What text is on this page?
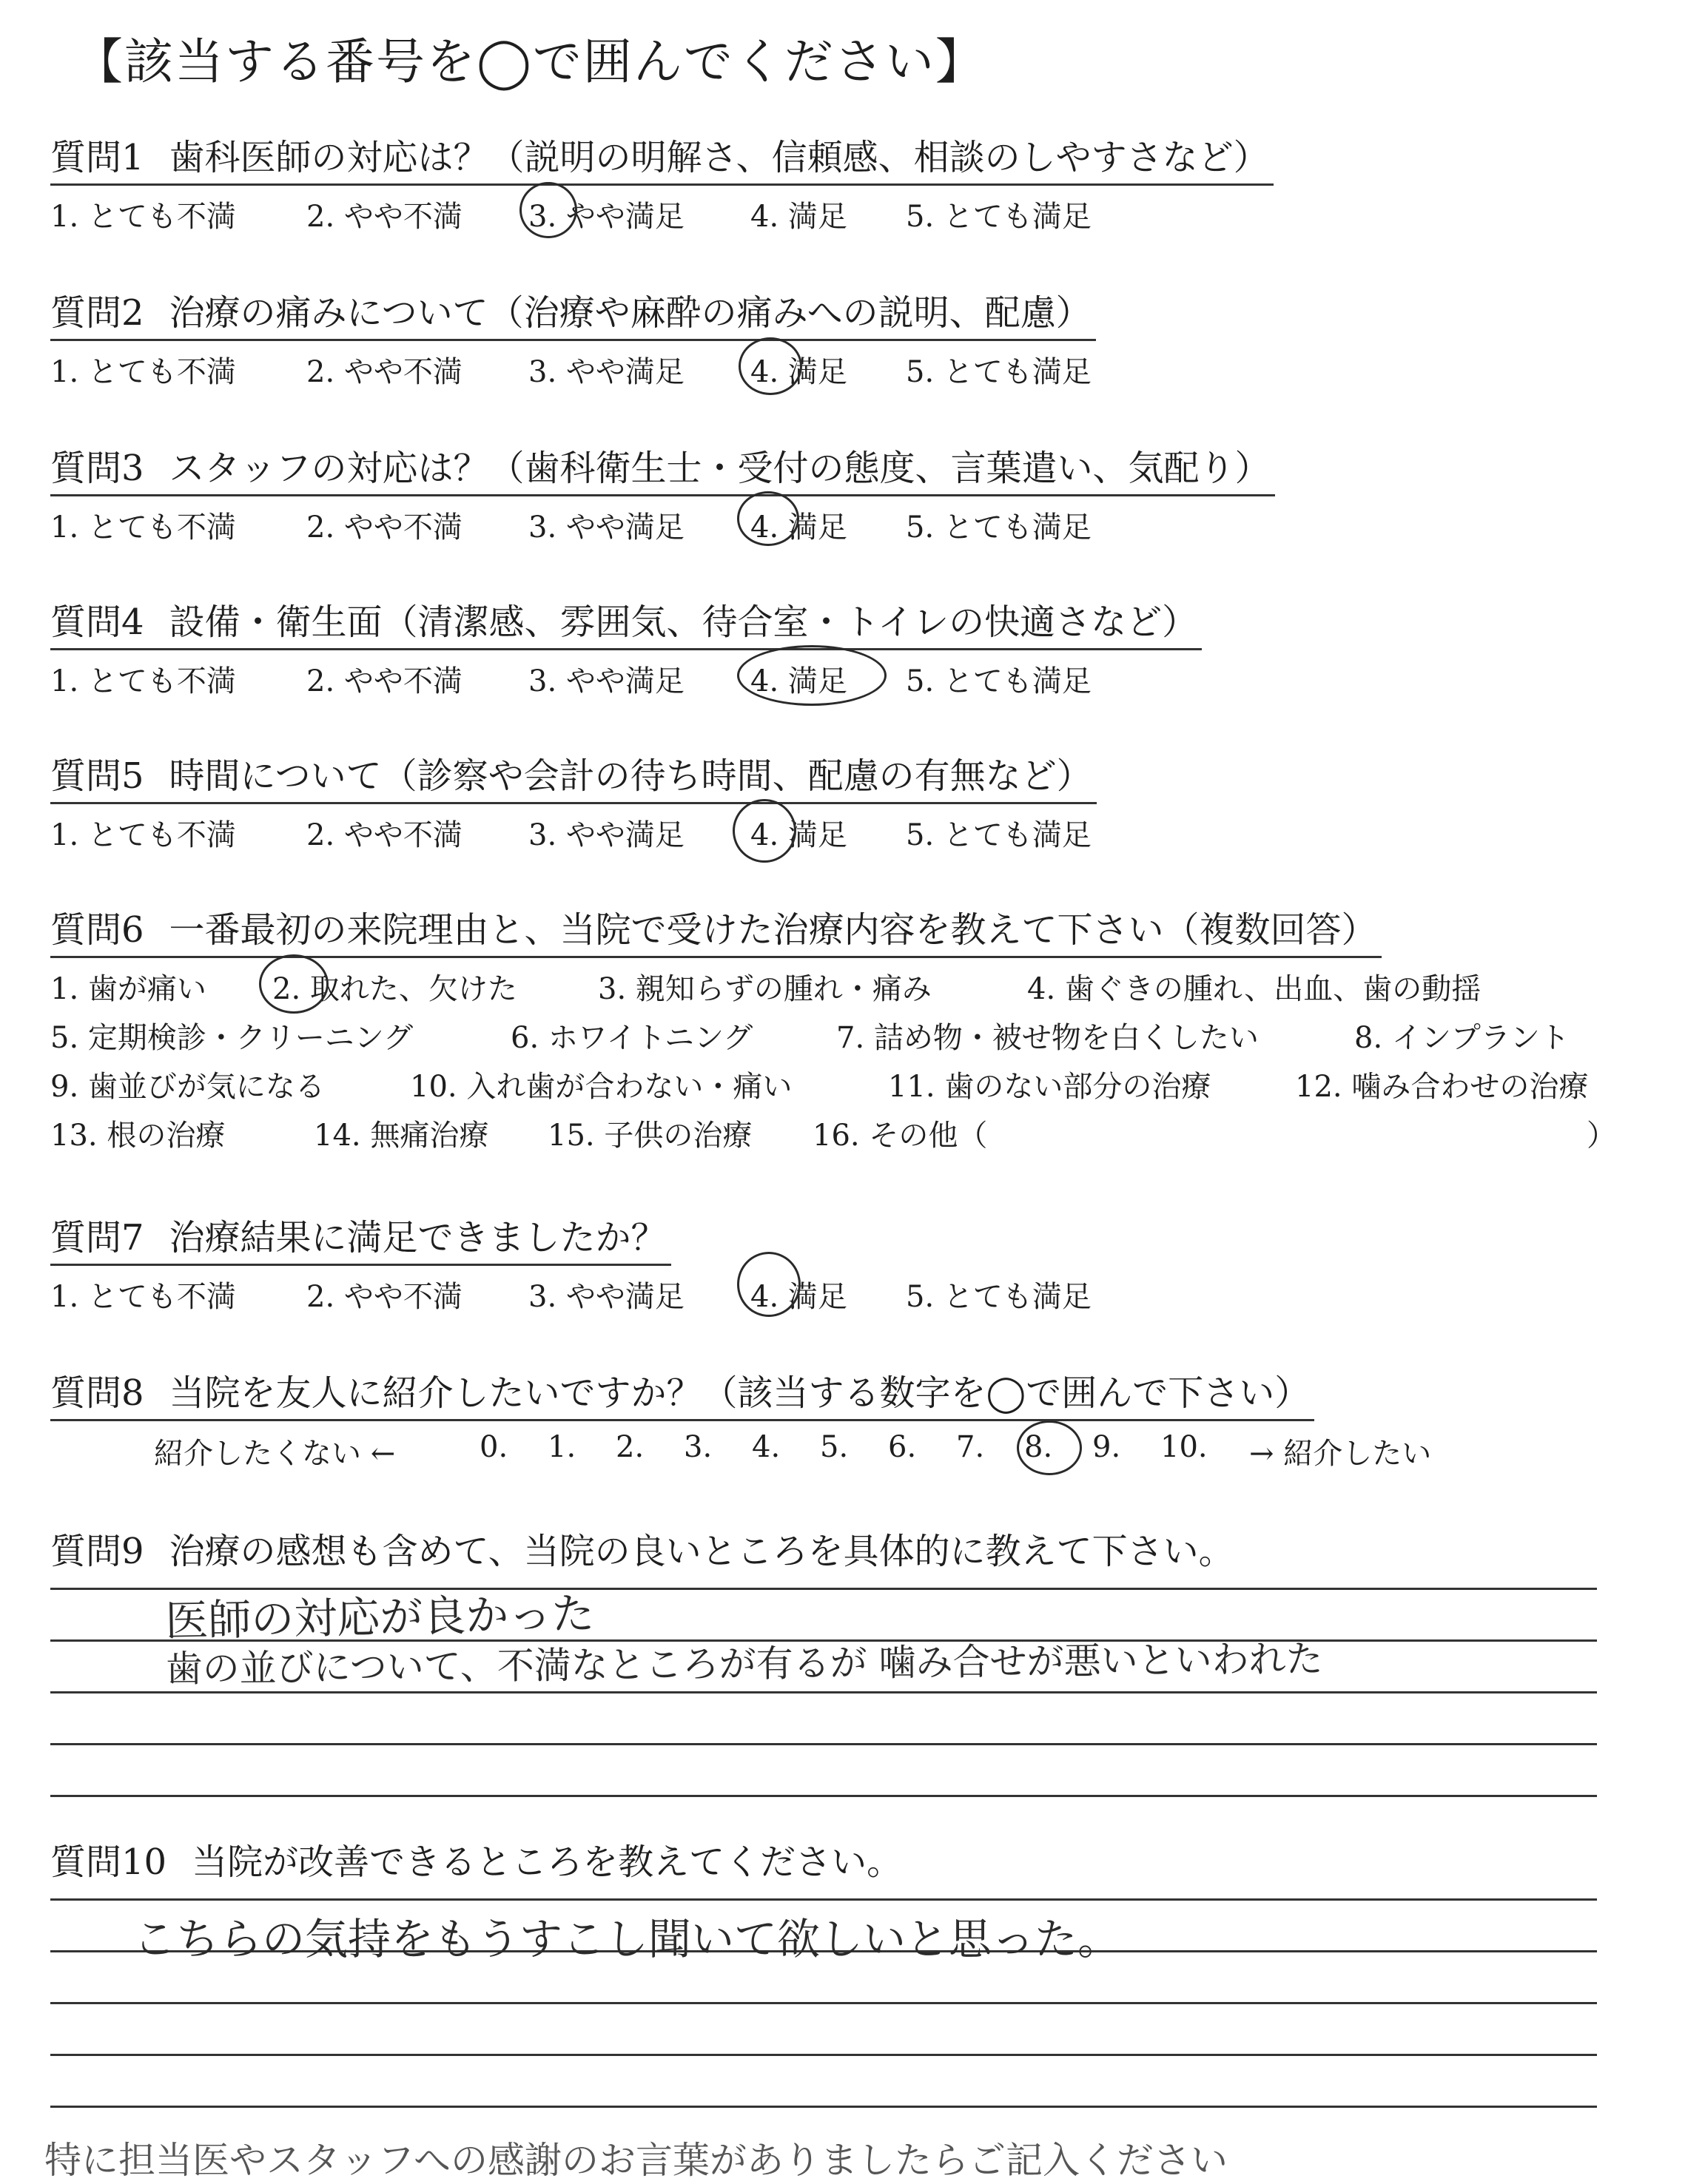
【該当する番号を◯で囲んでください】
質問1 歯科医師の対応は？（説明の明解さ、信頼感、相談のしやすさなど）
1. とても不満 2. やや不満 3. やや満足 4. 満足 5. とても満足
質問2 治療の痛みについて（治療や麻酔の痛みへの説明、配慮）
1. とても不満 2. やや不満 3. やや満足 4. 満足 5. とても満足
質問3 スタッフの対応は？（歯科衛生士・受付の態度、言葉遣い、気配り）
1. とても不満 2. やや不満 3. やや満足 4. 満足 5. とても満足
質問4 設備・衛生面（清潔感、雰囲気、待合室・トイレの快適さなど）
1. とても不満 2. やや不満 3. やや満足 4. 満足 5. とても満足
質問5 時間について（診察や会計の待ち時間、配慮の有無など）
1. とても不満 2. やや不満 3. やや満足 4. 満足 5. とても満足
質問6 一番最初の来院理由と、当院で受けた治療内容を教えて下さい（複数回答）
1. 歯が痛い 2. 取れた、欠けた	3. 親知らずの腫れ・痛み	4. 歯ぐきの腫れ、出血、歯の動揺
5. 定期検診・クリーニング	6. ホワイトニング	7. 詰め物・被せ物を白くしたい	8. インプラント
9. 歯並びが気になる	10. 入れ歯が合わない・痛い	11. 歯のない部分の治療	12. 噛み合わせの治療
13. 根の治療	14. 無痛治療 15. 子供の治療 16. その他（	）
質問7 治療結果に満足できましたか？
1. とても不満 2. やや不満 3. やや満足 4. 満足 5. とても満足
質問8 当院を友人に紹介したいですか？（該当する数字を◯で囲んで下さい）
紹介したくない ←	0. 1. 2. 3. 4. 5. 6. 7. 8. 9. 10. → 紹介したい
質問9 治療の感想も含めて、当院の良いところを具体的に教えて下さい。
医師の対応が良かった
歯の並びについて、不満なところが有るが 噛み合せが悪いといわれた
質問10 当院が改善できるところを教えてください。
こちらの気持をもうすこし聞いて欲しいと思った。
特に担当医やスタッフへの感謝のお言葉がありましたらご記入ください
